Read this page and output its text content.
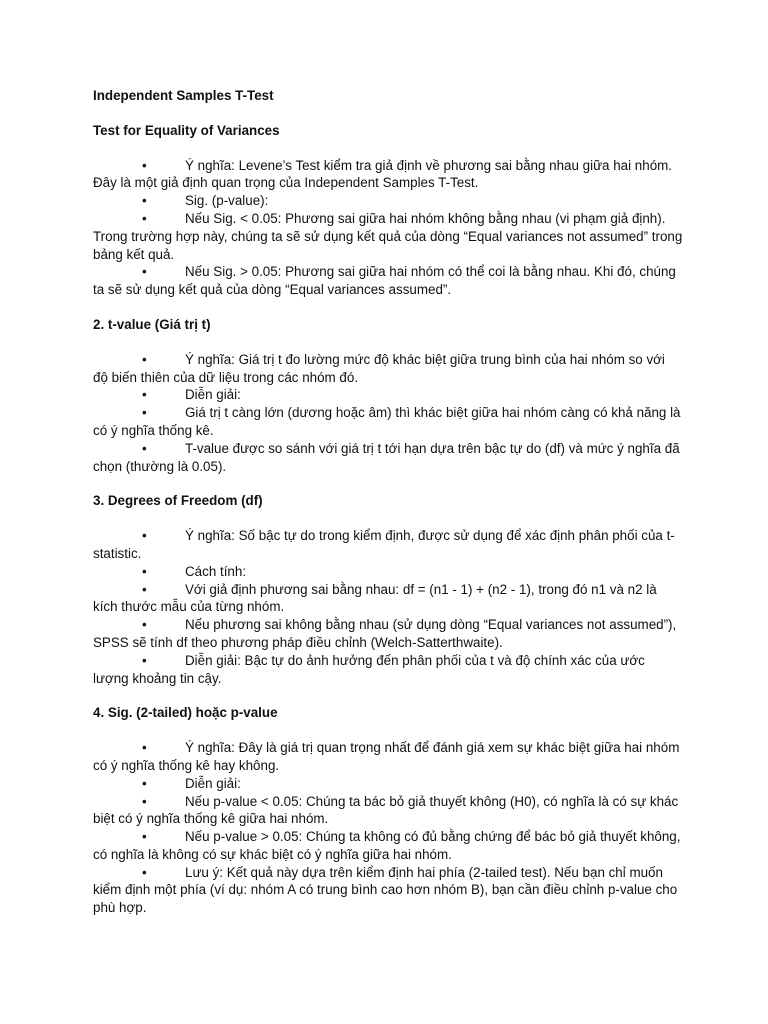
Independent Samples T-Test
Test for Equality of Variances
•	Ý nghĩa: Levene’s Test kiểm tra giả định về phương sai bằng nhau giữa hai nhóm. Đây là một giả định quan trọng của Independent Samples T-Test.
•	Sig. (p-value):
•	Nếu Sig. < 0.05: Phương sai giữa hai nhóm không bằng nhau (vi phạm giả định). Trong trường hợp này, chúng ta sẽ sử dụng kết quả của dòng “Equal variances not assumed” trong bảng kết quả.
•	Nếu Sig. > 0.05: Phương sai giữa hai nhóm có thể coi là bằng nhau. Khi đó, chúng ta sẽ sử dụng kết quả của dòng “Equal variances assumed”.
2. t-value (Giá trị t)
•	Ý nghĩa: Giá trị t đo lường mức độ khác biệt giữa trung bình của hai nhóm so với độ biến thiên của dữ liệu trong các nhóm đó.
•	Diễn giải:
•	Giá trị t càng lớn (dương hoặc âm) thì khác biệt giữa hai nhóm càng có khả năng là có ý nghĩa thống kê.
•	T-value được so sánh với giá trị t tới hạn dựa trên bậc tự do (df) và mức ý nghĩa đã chọn (thường là 0.05).
3. Degrees of Freedom (df)
•	Ý nghĩa: Số bậc tự do trong kiểm định, được sử dụng để xác định phân phối của t-statistic.
•	Cách tính:
•	Với giả định phương sai bằng nhau: df = (n1 - 1) + (n2 - 1), trong đó n1 và n2 là kích thước mẫu của từng nhóm.
•	Nếu phương sai không bằng nhau (sử dụng dòng “Equal variances not assumed”), SPSS sẽ tính df theo phương pháp điều chỉnh (Welch-Satterthwaite).
•	Diễn giải: Bậc tự do ảnh hưởng đến phân phối của t và độ chính xác của ước lượng khoảng tin cậy.
4. Sig. (2-tailed) hoặc p-value
•	Ý nghĩa: Đây là giá trị quan trọng nhất để đánh giá xem sự khác biệt giữa hai nhóm có ý nghĩa thống kê hay không.
•	Diễn giải:
•	Nếu p-value < 0.05: Chúng ta bác bỏ giả thuyết không (H0), có nghĩa là có sự khác biệt có ý nghĩa thống kê giữa hai nhóm.
•	Nếu p-value > 0.05: Chúng ta không có đủ bằng chứng để bác bỏ giả thuyết không, có nghĩa là không có sự khác biệt có ý nghĩa giữa hai nhóm.
•	Lưu ý: Kết quả này dựa trên kiểm định hai phía (2-tailed test). Nếu bạn chỉ muốn kiểm định một phía (ví dụ: nhóm A có trung bình cao hơn nhóm B), bạn cần điều chỉnh p-value cho phù hợp.
